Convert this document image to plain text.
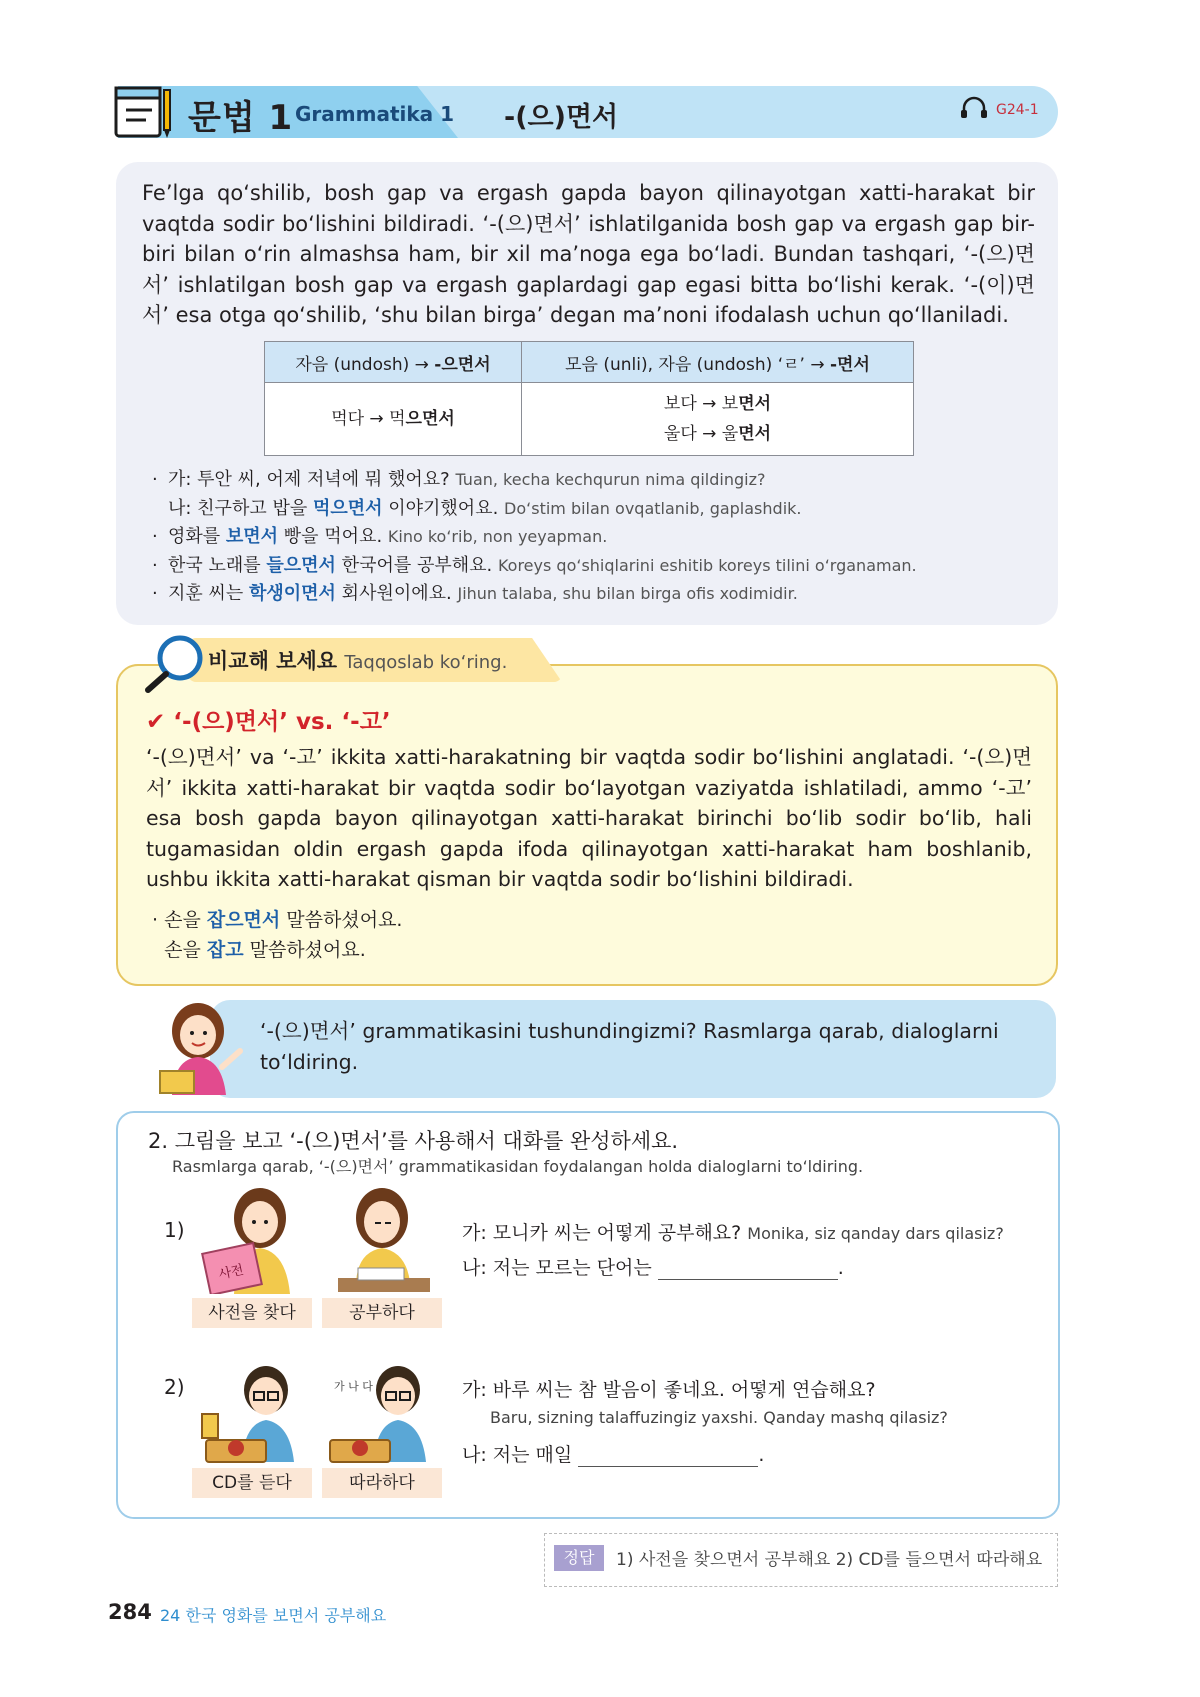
문법 1 Grammatika 1 -(으)면서	G24-1
Fe’lga qo‘shilib, bosh gap va ergash gapda bayon qilinayotgan xatti-harakat bir vaqtda sodir bo‘lishini bildiradi. ‘-(으)면서’ ishlatilganida bosh gap va ergash gap bir-biri bilan o‘rin almashsa ham, bir xil ma’noga ega bo‘ladi. Bundan tashqari, ‘-(으)면서’ ishlatilgan bosh gap va ergash gaplardagi gap egasi bitta bo‘lishi kerak. ‘-(이)면서’ esa otga qo‘shilib, ‘shu bilan birga’ degan ma’noni ifodalash uchun qo‘llaniladi.
자음 (undosh) → -으면서	모음 (unli), 자음 (undosh) ‘ㄹ’ → -면서
먹다 → 먹으면서	보다 → 보면서
울다 → 울면서
· 가: 투안 씨, 어제 저녁에 뭐 했어요? Tuan, kecha kechqurun nima qildingiz?
나: 친구하고 밥을 먹으면서 이야기했어요. Do‘stim bilan ovqatlanib, gaplashdik.
· 영화를 보면서 빵을 먹어요. Kino ko‘rib, non yeyapman.
· 한국 노래를 들으면서 한국어를 공부해요. Koreys qo‘shiqlarini eshitib koreys tilini o‘rganaman.
· 지훈 씨는 학생이면서 회사원이에요. Jihun talaba, shu bilan birga ofis xodimidir.
비교해 보세요 Taqqoslab ko‘ring.
✔ ‘-(으)면서’ vs. ‘-고’
‘-(으)면서’ va ‘-고’ ikkita xatti-harakatning bir vaqtda sodir bo‘lishini anglatadi. ‘-(으)면서’ ikkita xatti-harakat bir vaqtda sodir bo‘layotgan vaziyatda ishlatiladi, ammo ‘-고’ esa bosh gapda bayon qilinayotgan xatti-harakat birinchi bo‘lib sodir bo‘lib, hali tugamasidan oldin ergash gapda ifoda qilinayotgan xatti-harakat ham boshlanib, ushbu ikkita xatti-harakat qisman bir vaqtda sodir bo‘lishini bildiradi.
· 손을 잡으면서 말씀하셨어요.
손을 잡고 말씀하셨어요.
‘-(으)면서’ grammatikasini tushundingizmi? Rasmlarga qarab, dialoglarni to‘ldiring.
2. 그림을 보고 ‘-(으)면서’를 사용해서 대화를 완성하세요.
Rasmlarga qarab, ‘-(으)면서’ grammatikasidan foydalangan holda dialoglarni to‘ldiring.
1)
사전
사전을 찾다	공부하다
가: 모니카 씨는 어떻게 공부해요? Monika, siz qanday dars qilasiz?
나: 저는 모르는 단어는	.
2)	가 나 다
CD를 듣다	따라하다
가: 바루 씨는 참 발음이 좋네요. 어떻게 연습해요?
Baru, sizning talaffuzingiz yaxshi. Qanday mashq qilasiz?
나: 저는 매일	.
정답	1) 사전을 찾으면서 공부해요 2) CD를 들으면서 따라해요
284 24 한국 영화를 보면서 공부해요
